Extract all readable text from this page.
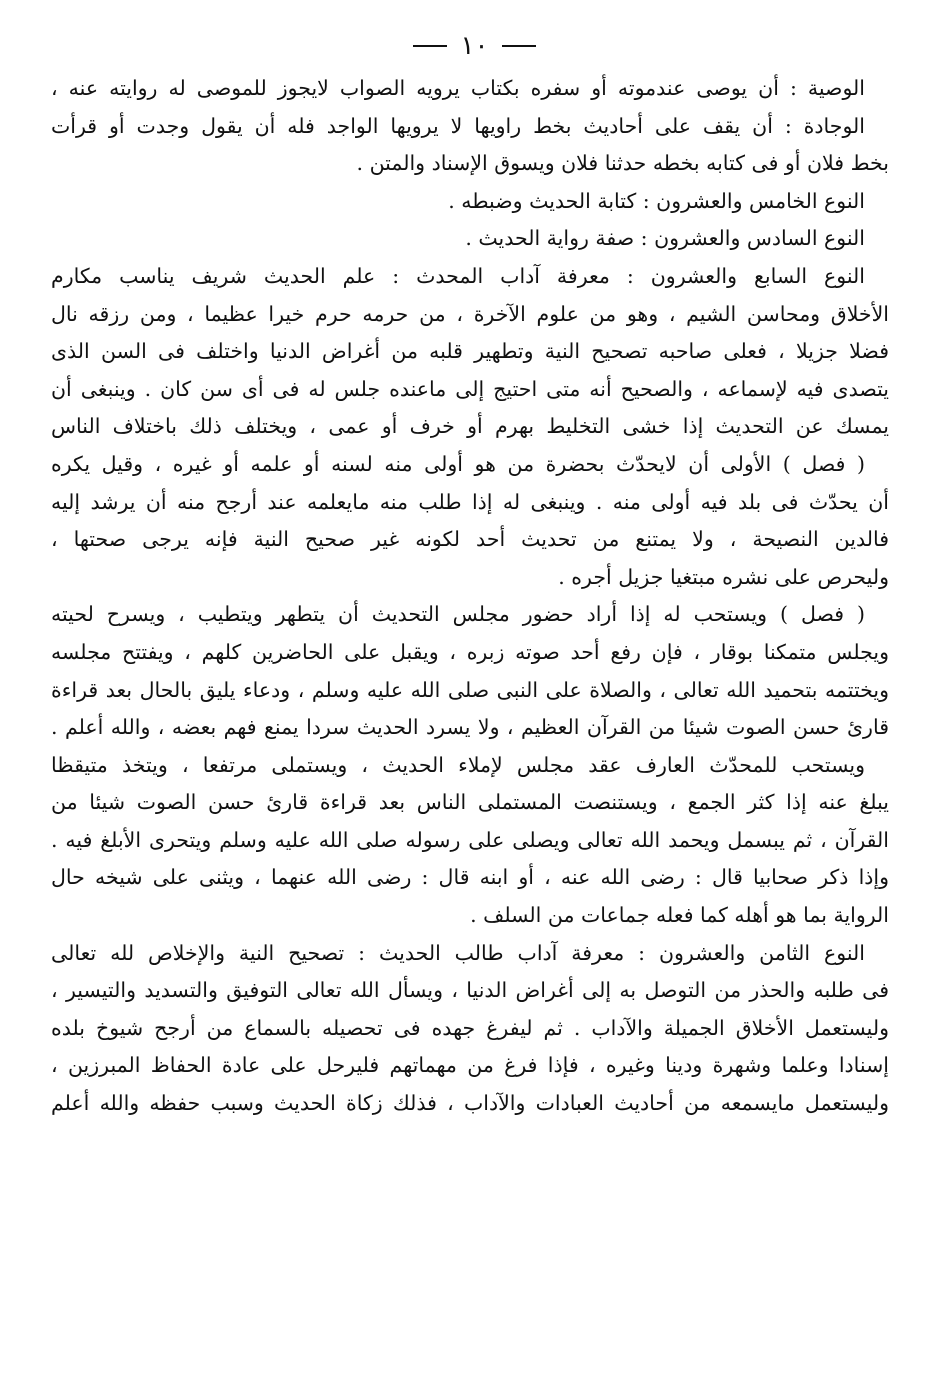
١٠
الوصية : أن يوصى عندموته أو سفره بكتاب يرويه الصواب لايجوز للموصى له روايته عنه ،
الوجادة : أن يقف على أحاديث بخط راويها لا يرويها الواجد فله أن يقول وجدت أو قرأت
بخط فلان أو فى كتابه بخطه حدثنا فلان ويسوق الإسناد والمتن .
النوع الخامس والعشرون : كتابة الحديث وضبطه .
النوع السادس والعشرون : صفة رواية الحديث .
النوع السابع والعشرون : معرفة آداب المحدث : علم الحديث شريف يناسب مكارم
الأخلاق ومحاسن الشيم ، وهو من علوم الآخرة ، من حرمه حرم خيرا عظيما ، ومن رزقه نال
فضلا جزيلا ، فعلى صاحبه تصحيح النية وتطهير قلبه من أغراض الدنيا واختلف فى السن الذى
يتصدى فيه لإسماعه ، والصحيح أنه متى احتيج إلى ماعنده جلس له فى أى سن كان . وينبغى أن
يمسك عن التحديث إذا خشى التخليط بهرم أو خرف أو عمى ، ويختلف ذلك باختلاف الناس
( فصل ) الأولى أن لايحدّث بحضرة من هو أولى منه لسنه أو علمه أو غيره ، وقيل يكره
أن يحدّث فى بلد فيه أولى منه . وينبغى له إذا طلب منه مايعلمه عند أرجح منه أن يرشد إليه
فالدين النصيحة ، ولا يمتنع من تحديث أحد لكونه غير صحيح النية فإنه يرجى صحتها ،
وليحرص على نشره مبتغيا جزيل أجره .
( فصل ) ويستحب له إذا أراد حضور مجلس التحديث أن يتطهر ويتطيب ، ويسرح لحيته
ويجلس متمكنا بوقار ، فإن رفع أحد صوته زبره ، ويقبل على الحاضرين كلهم ، ويفتتح مجلسه
ويختتمه بتحميد الله تعالى ، والصلاة على النبى صلى الله عليه وسلم ، ودعاء يليق بالحال بعد قراءة
قارئ حسن الصوت شيئا من القرآن العظيم ، ولا يسرد الحديث سردا يمنع فهم بعضه ، والله أعلم .
ويستحب للمحدّث العارف عقد مجلس لإملاء الحديث ، ويستملى مرتفعا ، ويتخذ متيقظا
يبلغ عنه إذا كثر الجمع ، ويستنصت المستملى الناس بعد قراءة قارئ حسن الصوت شيئا من
القرآن ، ثم يبسمل ويحمد الله تعالى ويصلى على رسوله صلى الله عليه وسلم ويتحرى الأبلغ فيه .
وإذا ذكر صحابيا قال : رضى الله عنه ، أو ابنه قال : رضى الله عنهما ، ويثنى على شيخه حال
الرواية بما هو أهله كما فعله جماعات من السلف .
النوع الثامن والعشرون : معرفة آداب طالب الحديث : تصحيح النية والإخلاص لله تعالى
فى طلبه والحذر من التوصل به إلى أغراض الدنيا ، ويسأل الله تعالى التوفيق والتسديد والتيسير ،
وليستعمل الأخلاق الجميلة والآداب . ثم ليفرغ جهده فى تحصيله بالسماع من أرجح شيوخ بلده
إسنادا وعلما وشهرة ودينا وغيره ، فإذا فرغ من مهماتهم فليرحل على عادة الحفاظ المبرزين ،
وليستعمل مايسمعه من أحاديث العبادات والآداب ، فذلك زكاة الحديث وسبب حفظه والله أعلم
